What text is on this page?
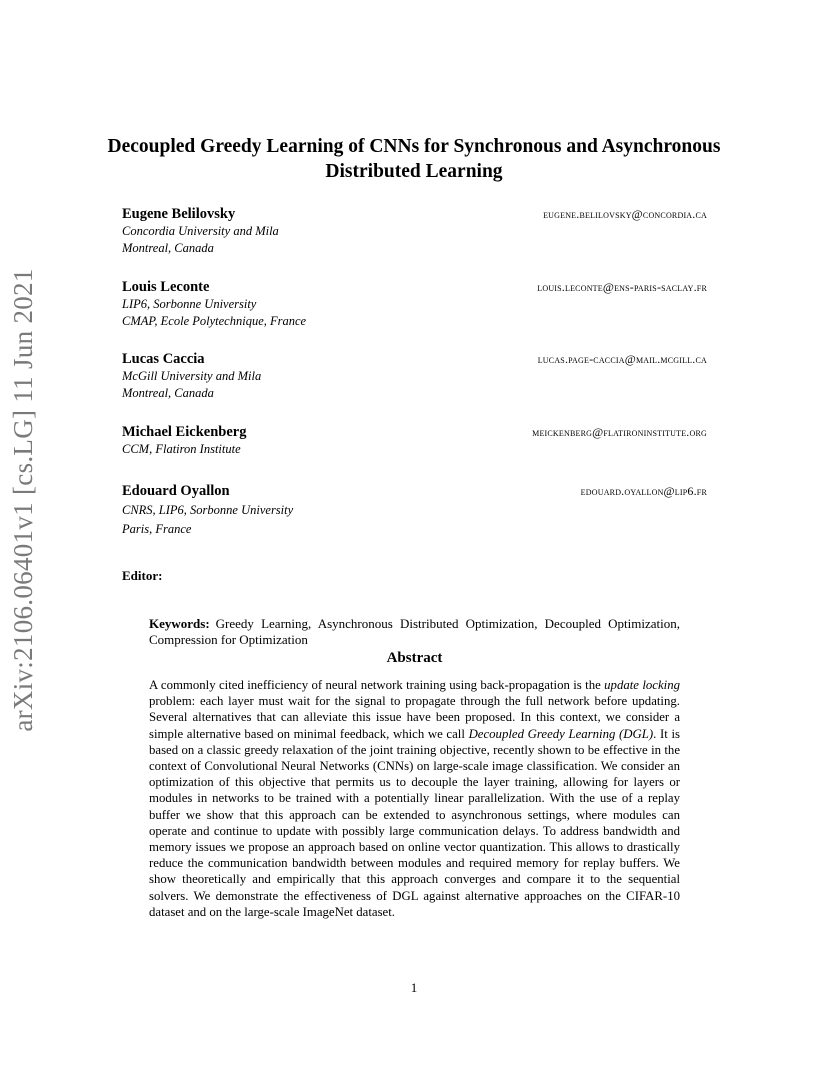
arXiv:2106.06401v1 [cs.LG] 11 Jun 2021
Decoupled Greedy Learning of CNNs for Synchronous and Asynchronous Distributed Learning
Eugene Belilovsky	eugene.belilovsky@concordia.ca
Concordia University and Mila
Montreal, Canada
Louis Leconte	louis.leconte@ens-paris-saclay.fr
LIP6, Sorbonne University
CMAP, Ecole Polytechnique, France
Lucas Caccia	lucas.page-caccia@mail.mcgill.ca
McGill University and Mila
Montreal, Canada
Michael Eickenberg	meickenberg@flatironinstitute.org
CCM, Flatiron Institute
Edouard Oyallon	edouard.oyallon@lip6.fr
CNRS, LIP6, Sorbonne University
Paris, France
Editor:
Keywords: Greedy Learning, Asynchronous Distributed Optimization, Decoupled Optimization, Compression for Optimization
Abstract
A commonly cited inefficiency of neural network training using back-propagation is the update locking problem: each layer must wait for the signal to propagate through the full network before updating. Several alternatives that can alleviate this issue have been proposed. In this context, we consider a simple alternative based on minimal feedback, which we call Decoupled Greedy Learning (DGL). It is based on a classic greedy relaxation of the joint training objective, recently shown to be effective in the context of Convolutional Neural Networks (CNNs) on large-scale image classification. We consider an optimization of this objective that permits us to decouple the layer training, allowing for layers or modules in networks to be trained with a potentially linear parallelization. With the use of a replay buffer we show that this approach can be extended to asynchronous settings, where modules can operate and continue to update with possibly large communication delays. To address bandwidth and memory issues we propose an approach based on online vector quantization. This allows to drastically reduce the communication bandwidth between modules and required memory for replay buffers. We show theoretically and empirically that this approach converges and compare it to the sequential solvers. We demonstrate the effectiveness of DGL against alternative approaches on the CIFAR-10 dataset and on the large-scale ImageNet dataset.
1
